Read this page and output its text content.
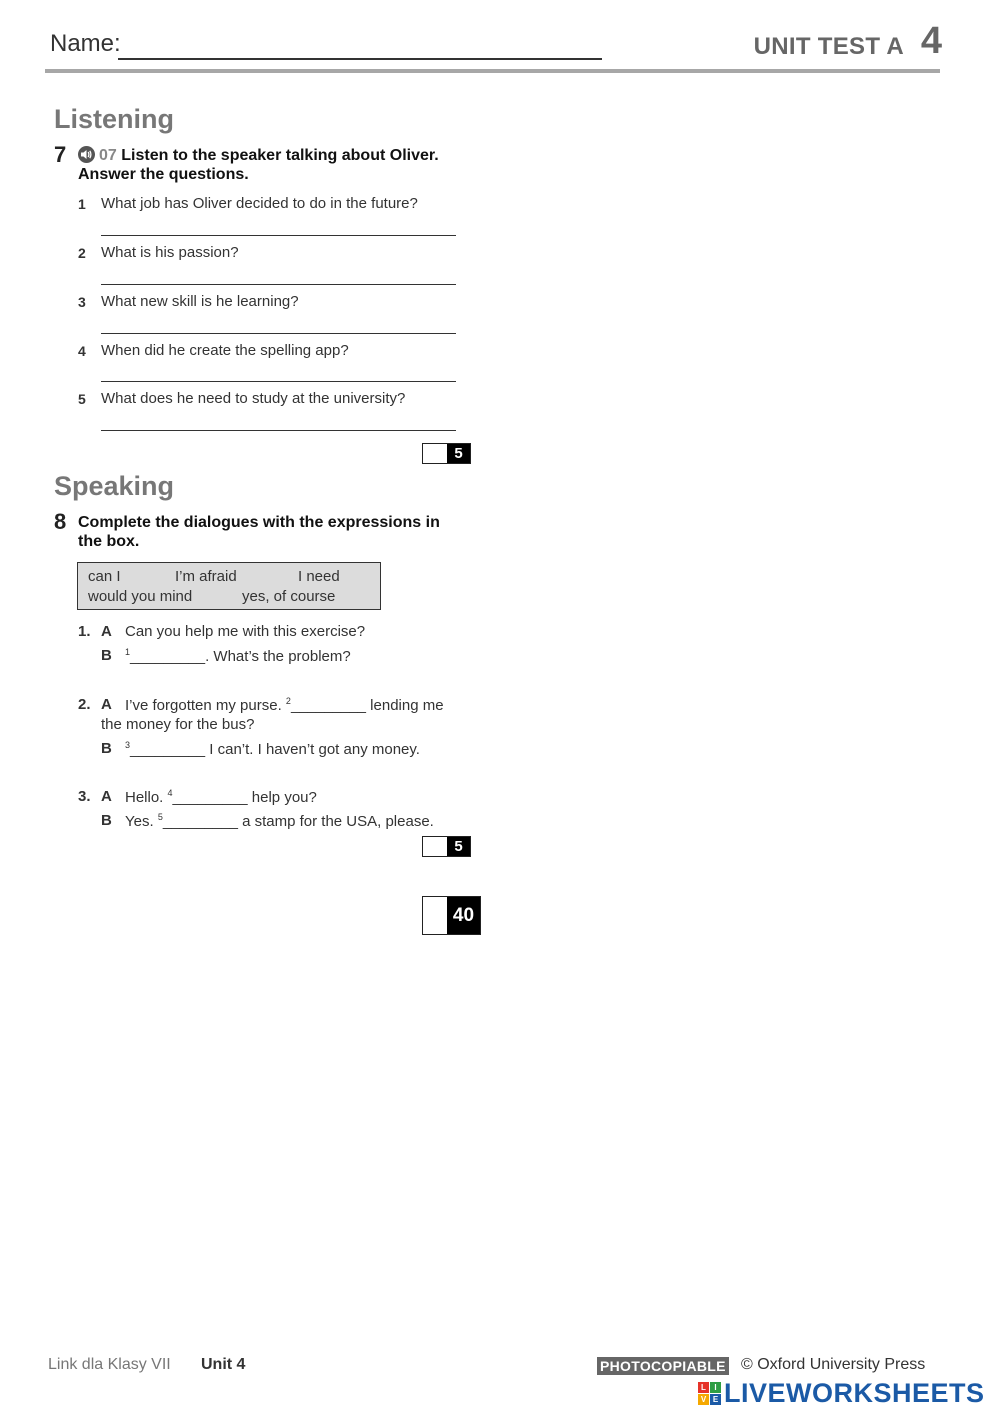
Name:	UNIT TEST A 4
Listening
7	07 Listen to the speaker talking about Oliver.
Answer the questions.
1 What job has Oliver decided to do in the future?
2 What is his passion?
3 What new skill is he learning?
4 When did he create the spelling app?
5 What does he need to study at the university?
5
Speaking
8 Complete the dialogues with the expressions in
the box.
can I	I’m afraid	I need
would you mind	yes, of course
1. A Can you help me with this exercise?
B $^1$_________. What’s the problem?
2. A I’ve forgotten my purse. $^2$_________ lending me
the money for the bus?
B $^3$_________ I can’t. I haven’t got any money.
3. A Hello. $^4$_________ help you?
B Yes. $^5$_________ a stamp for the USA, please.
5
40
Link dla Klasy VII Unit 4	PHOTOCOPIABLE © Oxford University Press
L	I
V E LIVEWORKSHEETS
